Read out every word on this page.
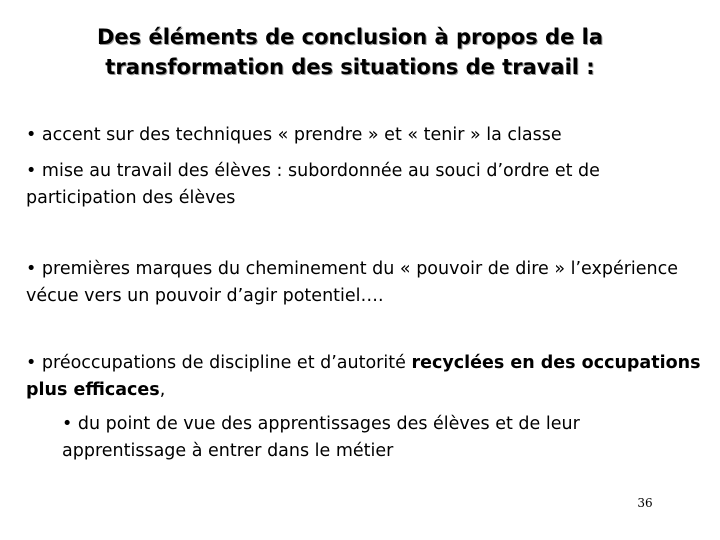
Des éléments de conclusion à propos de la
transformation des situations de travail :
• accent sur des techniques « prendre » et « tenir » la classe
• mise au travail des élèves : subordonnée au souci d’ordre et de participation des élèves
• premières marques du cheminement du « pouvoir de dire » l’expérience vécue vers un pouvoir d’agir potentiel….
• préoccupations de discipline et d’autorité recyclées en des occupations plus efficaces,
• du point de vue des apprentissages des élèves et de leur apprentissage à entrer dans le métier
36
